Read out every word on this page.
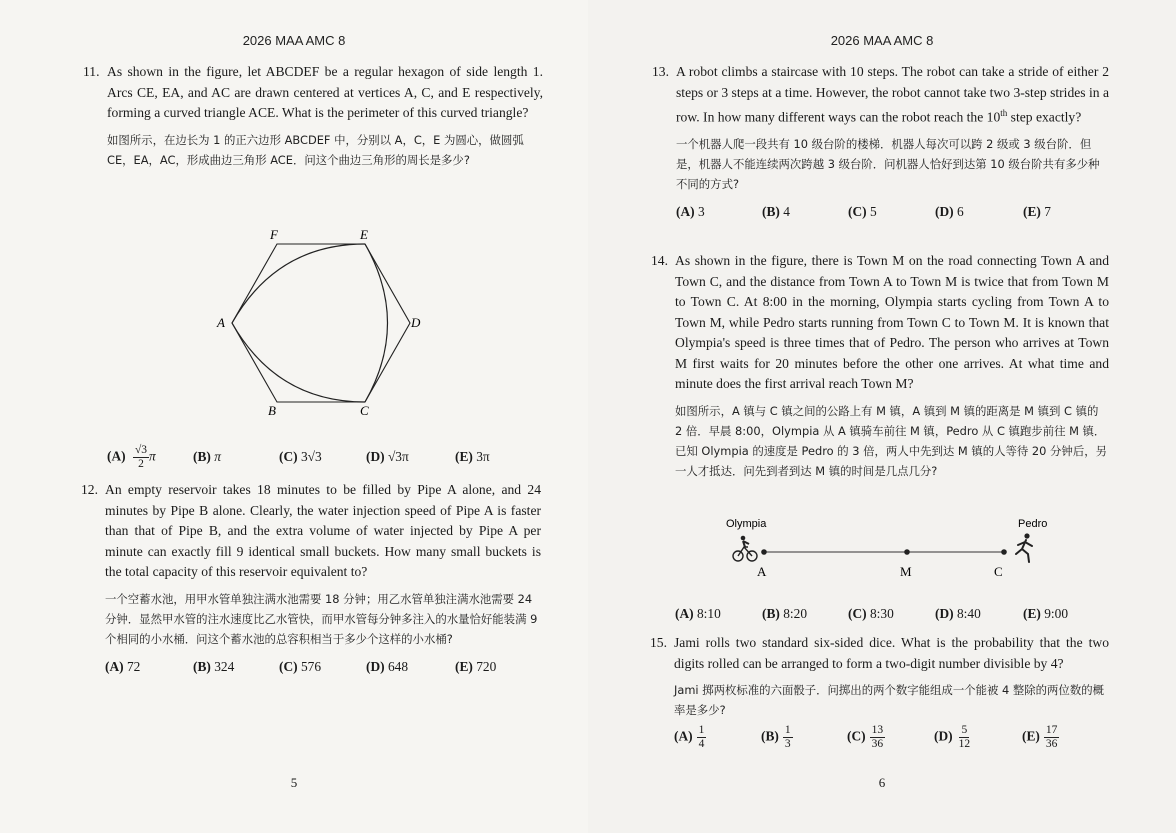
2026 MAA AMC 8
11. As shown in the figure, let ABCDEF be a regular hexagon of side length 1. Arcs CE, EA, and AC are drawn centered at vertices A, C, and E respectively, forming a curved triangle ACE. What is the perimeter of this curved triangle?
如图所示，在边长为 1 的正六边形 ABCDEF 中，分别以 A，C，E 为圆心，做圆弧 CE，EA，AC，形成曲边三角形 ACE．问这个曲边三角形的周长是多少?
F	E
A	D
B	C
$(A) \frac{√3}{2}$ π	(B) π	(C) 3√3	(D) √3π	(E) 3π
12. An empty reservoir takes 18 minutes to be filled by Pipe A alone, and 24 minutes by Pipe B alone. Clearly, the water injection speed of Pipe A is faster than that of Pipe B, and the extra volume of water injected by Pipe A per minute can exactly fill 9 identical small buckets. How many small buckets is the total capacity of this reservoir equivalent to?
一个空蓄水池，用甲水管单独注满水池需要 18 分钟；用乙水管单独注满水池需要 24 分钟．显然甲水管的注水速度比乙水管快，而甲水管每分钟多注入的水量恰好能装满 9 个相同的小水桶．问这个蓄水池的总容积相当于多少个这样的小水桶?
(A) 72	(B) 324	(C) 576	(D) 648	(E) 720
5
2026 MAA AMC 8
13. A robot climbs a staircase with 10 steps. The robot can take a stride of either 2 steps or 3 steps at a time. However, the robot cannot take two 3-step strides in a row. In how many different ways can the robot reach the 10th step exactly?
一个机器人爬一段共有 10 级台阶的楼梯．机器人每次可以跨 2 级或 3 级台阶．但是，机器人不能连续两次跨越 3 级台阶．问机器人恰好到达第 10 级台阶共有多少种不同的方式?
(A) 3	(B) 4	(C) 5	(D) 6	(E) 7
14. As shown in the figure, there is Town M on the road connecting Town A and Town C, and the distance from Town A to Town M is twice that from Town M to Town C. At 8:00 in the morning, Olympia starts cycling from Town A to Town M, while Pedro starts running from Town C to Town M. It is known that Olympia's speed is three times that of Pedro. The person who arrives at Town M first waits for 20 minutes before the other one arrives. At what time and minute does the first arrival reach Town M?
如图所示，A 镇与 C 镇之间的公路上有 M 镇，A 镇到 M 镇的距离是 M 镇到 C 镇的 2 倍．早晨 8:00，Olympia 从 A 镇骑车前往 M 镇，Pedro 从 C 镇跑步前往 M 镇．已知 Olympia 的速度是 Pedro 的 3 倍，两人中先到达 M 镇的人等待 20 分钟后，另一人才抵达．问先到者到达 M 镇的时间是几点几分?
Olympia	Pedro
A	M	C
(A) 8:10	(B) 8:20	(C) 8:30	(D) 8:40	(E) 9:00
15. Jami rolls two standard six-sided dice. What is the probability that the two digits rolled can be arranged to form a two-digit number divisible by 4?
Jami 掷两枚标准的六面骰子．问掷出的两个数字能组成一个能被 4 整除的两位数的概率是多少?
$(A) \frac{1}{4}$	$(B) \frac{1}{3}$	$(C) \frac{13}{36}$	$(D) \frac{5}{12}$	$(E) \frac{17}{36}$
6
